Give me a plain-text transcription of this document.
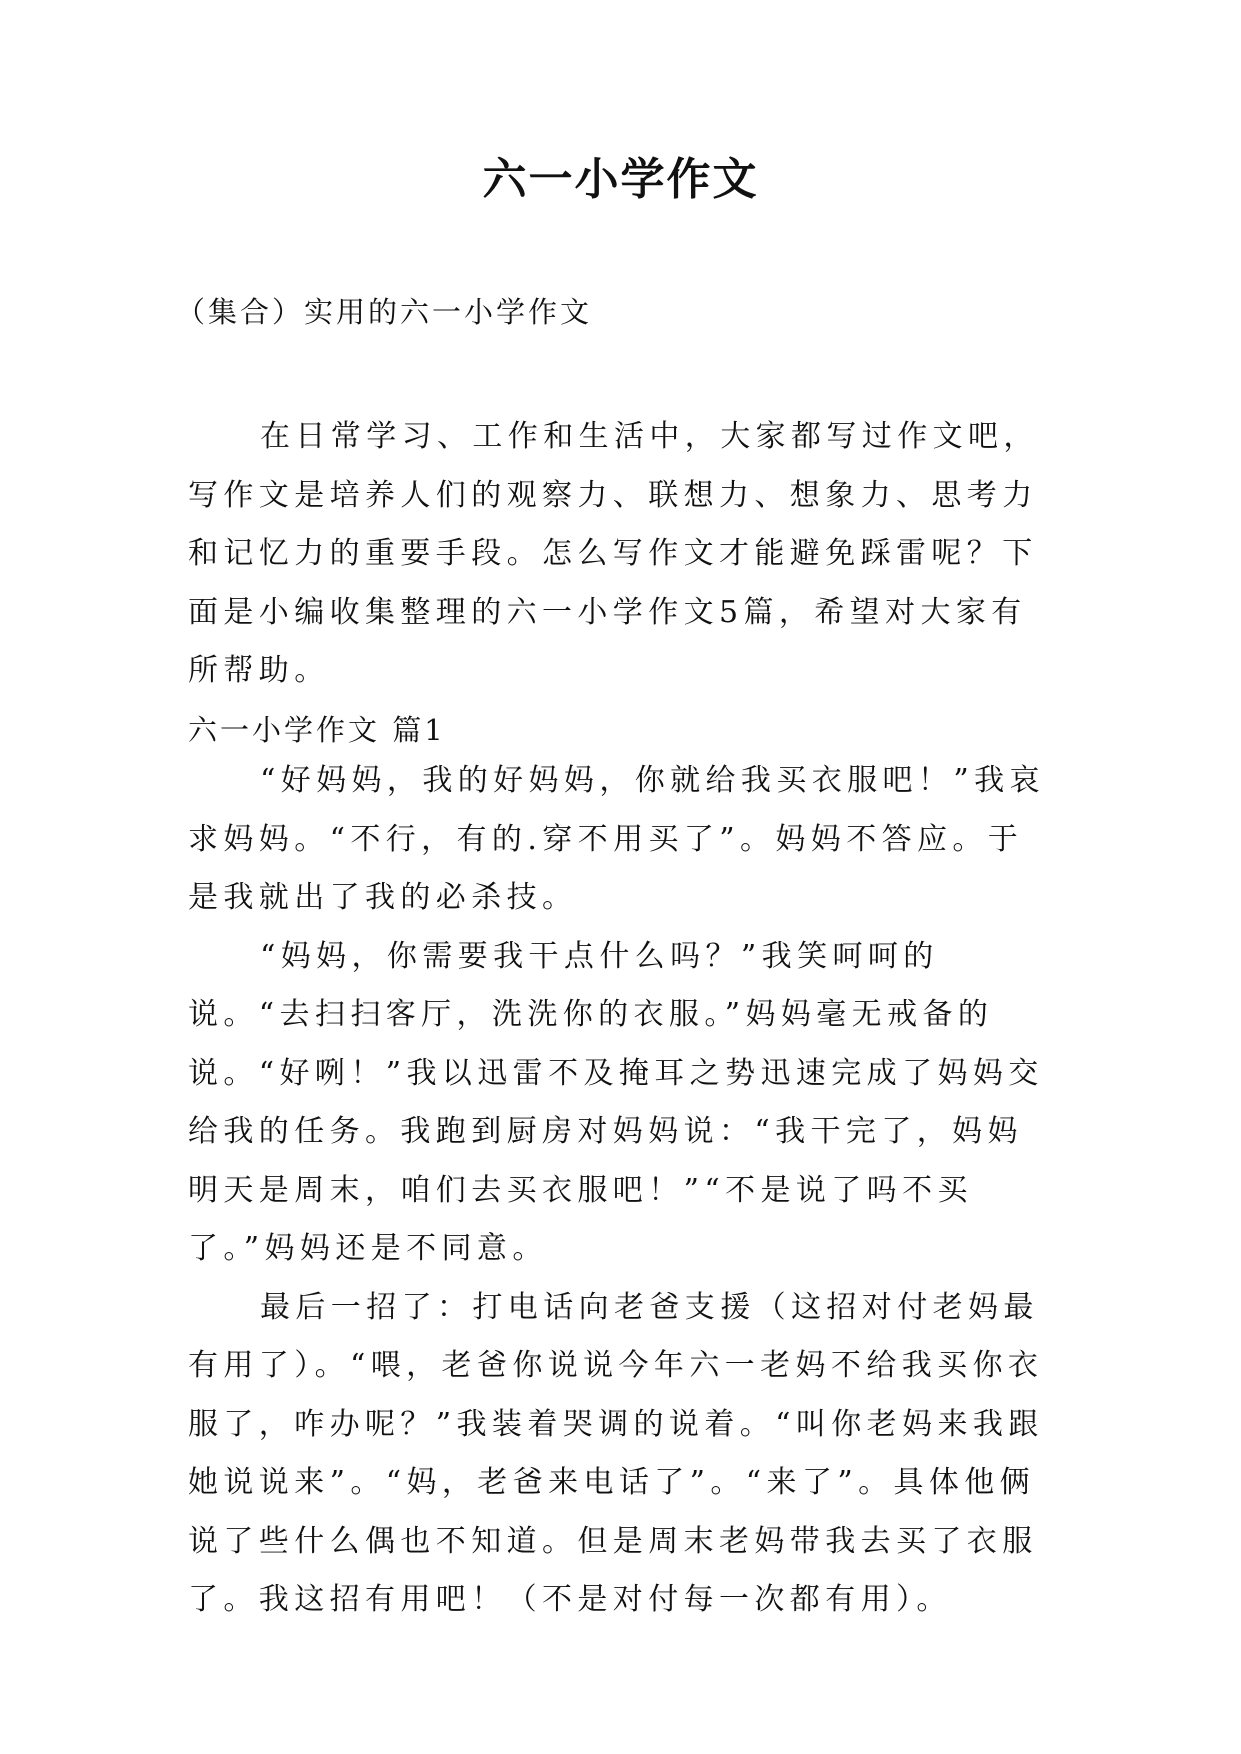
六一小学作文

（集合）实用的六一小学作文

在日常学习、工作和生活中，大家都写过作文吧，写作文是培养人们的观察力、联想力、想象力、思考力和记忆力的重要手段。怎么写作文才能避免踩雷呢？下面是小编收集整理的六一小学作文5篇，希望对大家有所帮助。

六一小学作文 篇1

“好妈妈，我的好妈妈，你就给我买衣服吧！”我哀求妈妈。“不行，有的.穿不用买了”。妈妈不答应。于是我就出了我的必杀技。

“妈妈，你需要我干点什么吗？”我笑呵呵的说。“去扫扫客厅，洗洗你的衣服。”妈妈毫无戒备的说。“好咧！”我以迅雷不及掩耳之势迅速完成了妈妈交给我的任务。我跑到厨房对妈妈说：“我干完了，妈妈明天是周末，咱们去买衣服吧！”“不是说了吗不买了。”妈妈还是不同意。

最后一招了：打电话向老爸支援（这招对付老妈最有用了）。“喂，老爸你说说今年六一老妈不给我买你衣服了，咋办呢？”我装着哭调的说着。“叫你老妈来我跟她说说来”。“妈，老爸来电话了”。“来了”。具体他俩说了些什么偶也不知道。但是周末老妈带我去买了衣服了。我这招有用吧！（不是对付每一次都有用）。
